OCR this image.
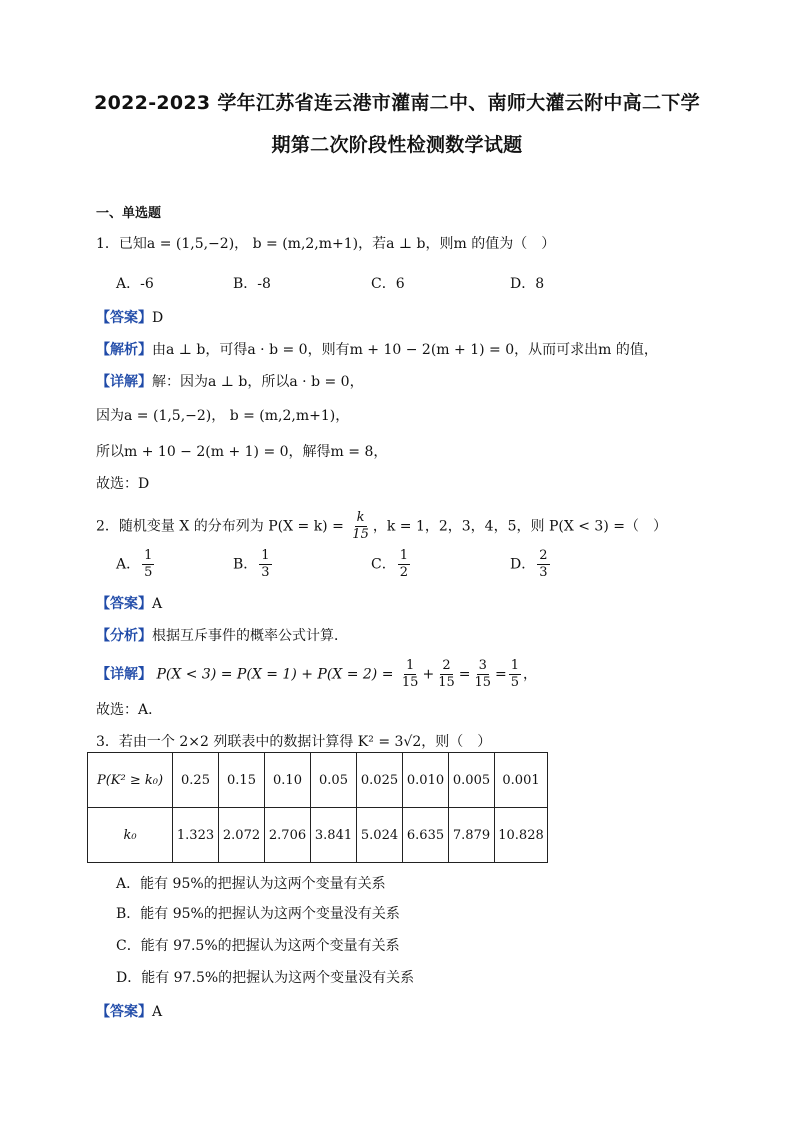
2022-2023 学年江苏省连云港市灌南二中、南师大灌云附中高二下学
期第二次阶段性检测数学试题
一、单选题
1．已知a = (1,5,−2)， b = (m,2,m+1)，若a ⊥ b，则m 的值为（　）
A．-6	B．-8	C．6	D．8
【答案】D
【解析】由a ⊥ b，可得a · b = 0，则有m + 10 − 2(m + 1) = 0，从而可求出m 的值，
【详解】解：因为a ⊥ b，所以a · b = 0，
因为a = (1,5,−2)， b = (m,2,m+1)，
所以m + 10 − 2(m + 1) = 0，解得m = 8，
故选：D
2．随机变量 X 的分布列为 $P(X = k) = \frac{k}{15}$ ，k = 1，2，3，4，5，则 P(X < 3) =（　）
A． $\frac{1}{5}$	B． $\frac{1}{3}$	C． $\frac{1}{2}$	D． $\frac{2}{3}$
【答案】A
【分析】根据互斥事件的概率公式计算．
【详解】 $P(X < 3) = P(X = 1) + P(X = 2) = \frac{1}{15} + \frac{2}{15} = \frac{3}{15} = \frac{1}{5}$ ，
故选：A．
3．若由一个 2×2 列联表中的数据计算得 K² = 3√2，则（　）
P(K² ≥ k₀)	0.25	0.15	0.10	0.05	0.025	0.010	0.005	0.001
k₀	1.323	2.072	2.706	3.841	5.024	6.635	7.879	10.828
A．能有 95%的把握认为这两个变量有关系
B．能有 95%的把握认为这两个变量没有关系
C．能有 97.5%的把握认为这两个变量有关系
D．能有 97.5%的把握认为这两个变量没有关系
【答案】A
